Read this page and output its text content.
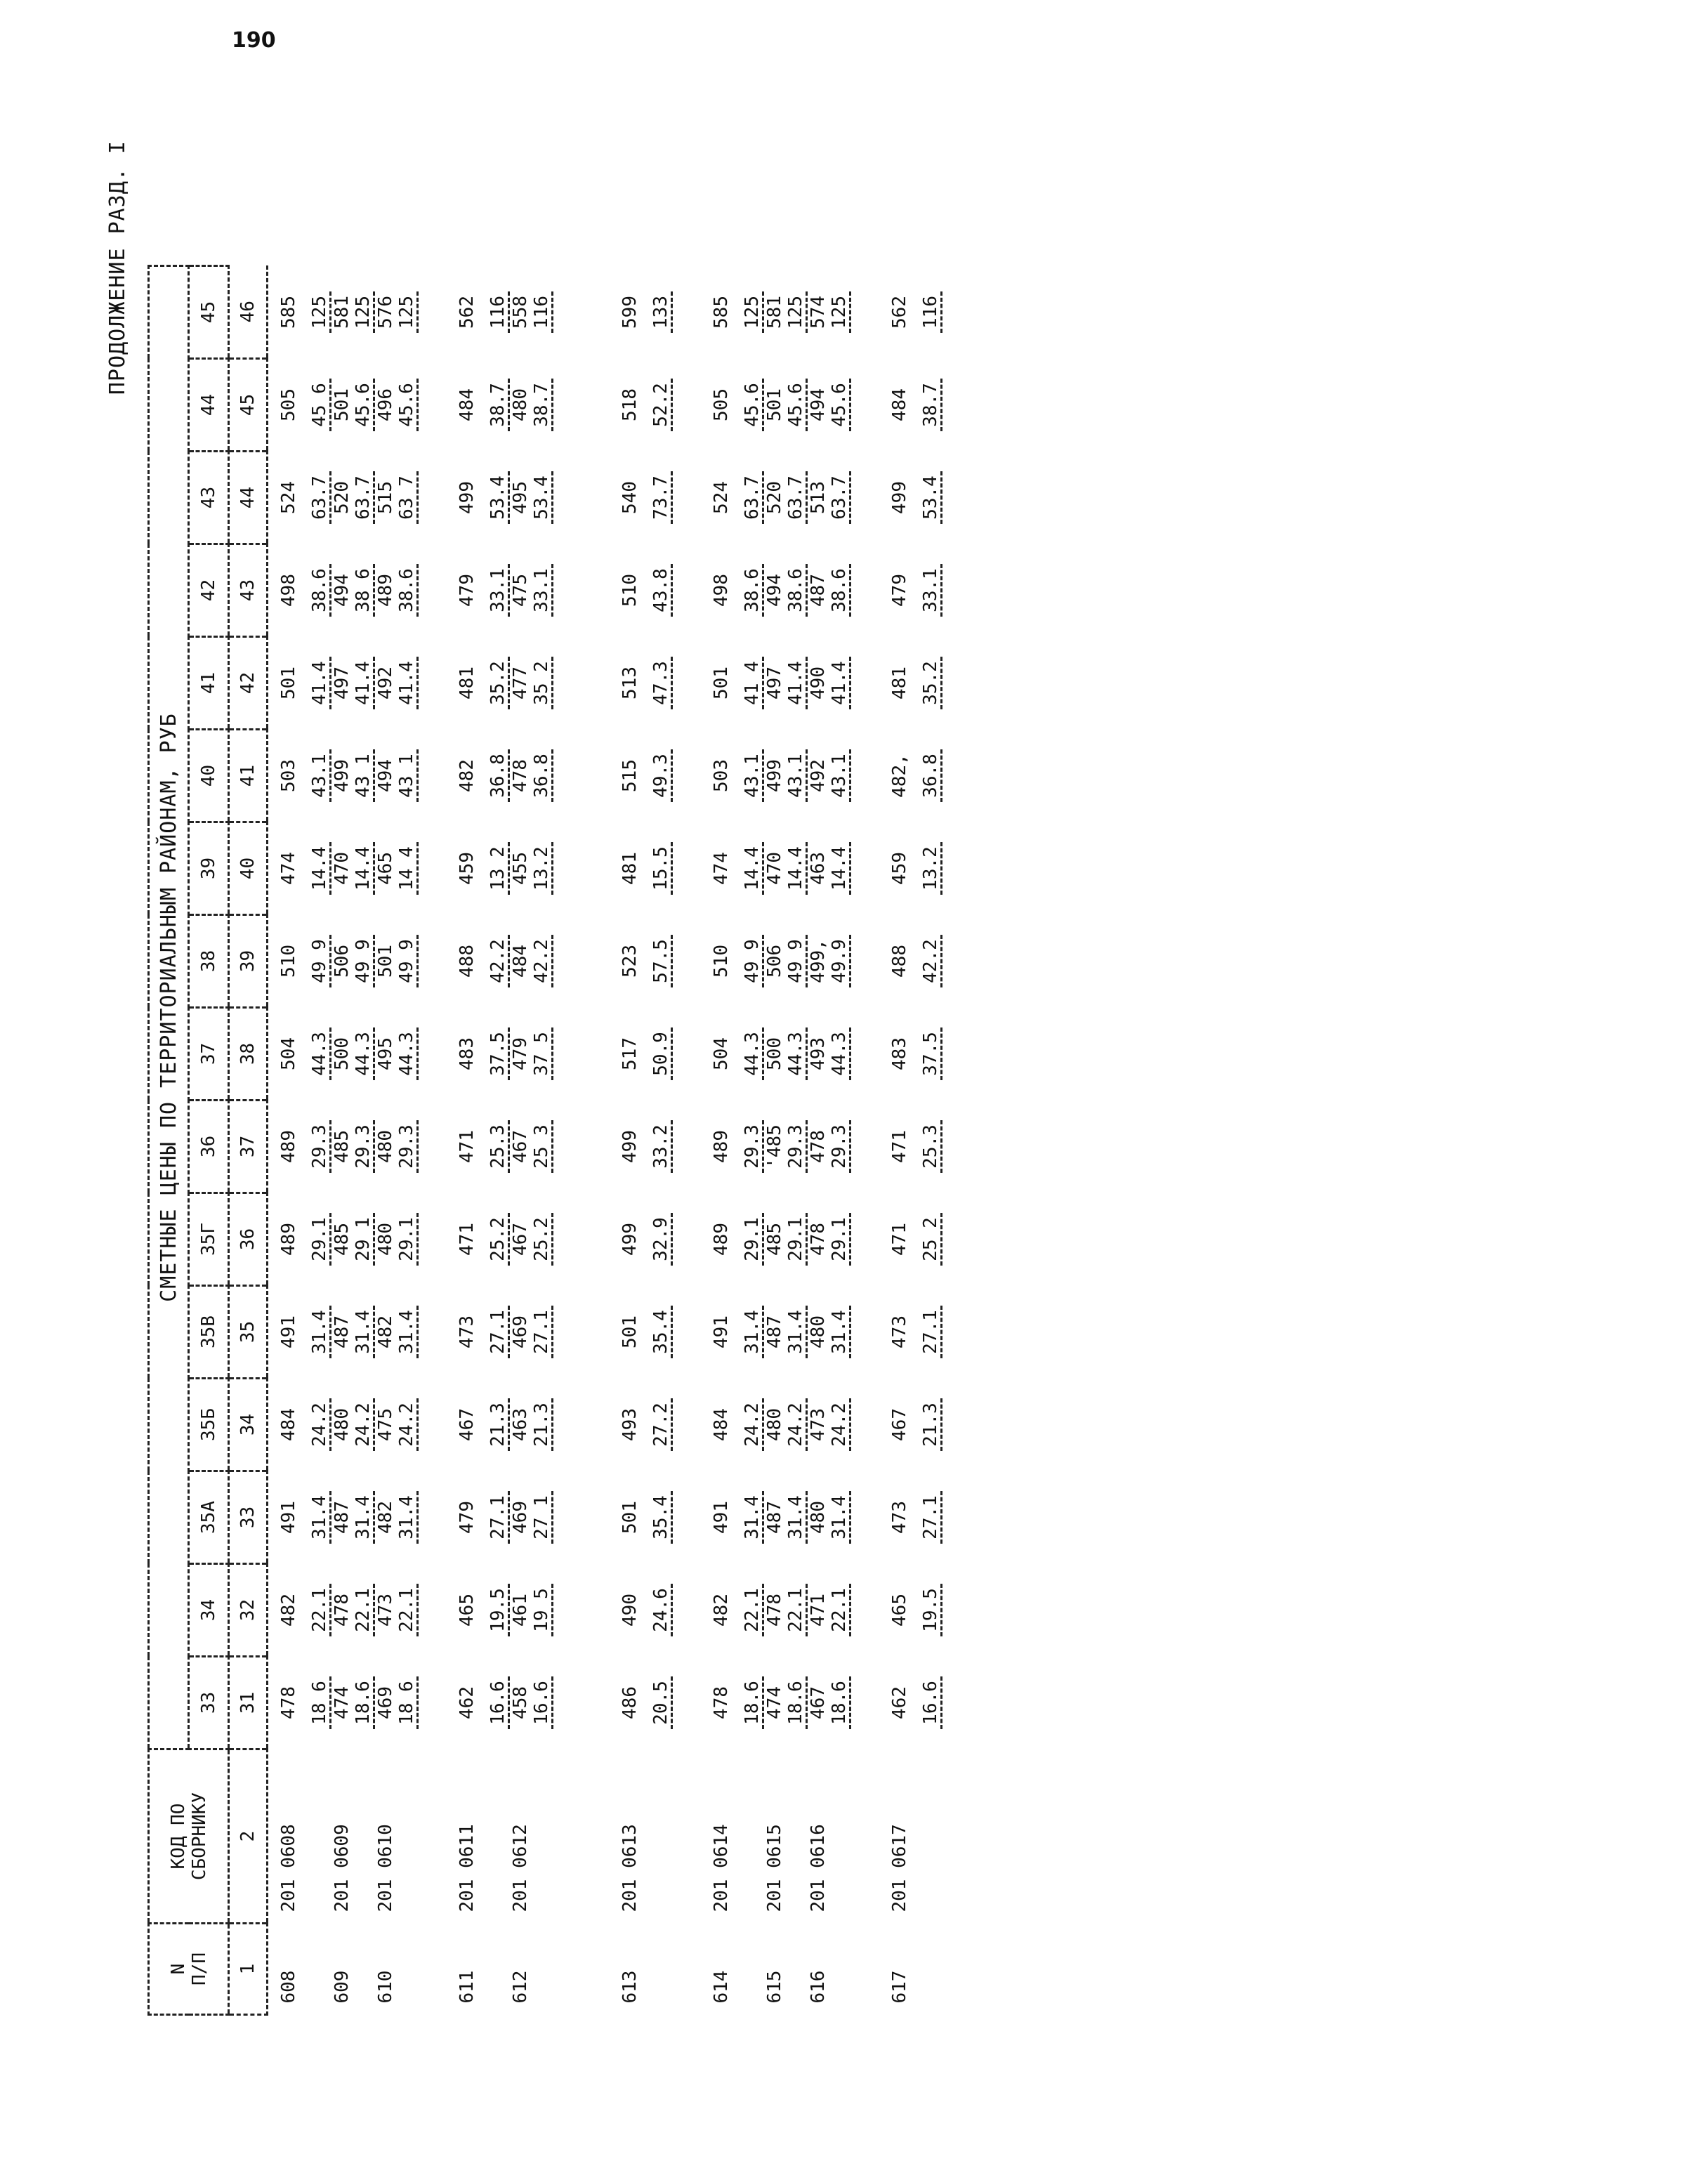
ПРОДОЛЖЕНИЕ РАЗД. I
190
N
П/П	КОД ПО
СБОРНИКУ	СМЕТНЫЕ ЦЕНЫ ПО ТЕРРИТОРИАЛЬНЫМ РАЙОНАМ, РУБ															
		33	34	35А	35Б	35В	35Г	36	37	38	39	40	41	42	43	44	45
1	2	31	32	33	34	35	36	37	38	39	40	41	42	43	44	45	46
608	201 0608	478	482	491	484	491	489	489	504	510	474	503	501	498	524	505	585
		18 6	22.1	31.4	24.2	31.4	29.1	29.3	44.3	49 9	14.4	43.1	41.4	38.6	63.7	45 6	125
609	201 0609	474	478	487	480	487	485	485	500	506	470	499	497	494	520	501	581
		18.6	22.1	31.4	24.2	31.4	29 1	29.3	44.3	49 9	14.4	43 1	41.4	38 6	63.7	45.6	125
610	201 0610	469	473	482	475	482	480	480	495	501	465	494	492	489	515	496	576
		18 6	22.1	31.4	24.2	31.4	29.1	29.3	44.3	49 9	14 4	43 1	41.4	38.6	63 7	45.6	125

611	201 0611	462	465	479	467	473	471	471	483	488	459	482	481	479	499	484	562
		16.6	19.5	27.1	21.3	27.1	25.2	25.3	37.5	42.2	13 2	36.8	35.2	33.1	53.4	38.7	116
612	201 0612	458	461	469	463	469	467	467	479	484	455	478	477	475	495	480	558
		16.6	19 5	27 1	21.3	27.1	25.2	25 3	37 5	42.2	13.2	36.8	35 2	33.1	53.4	38.7	116

613	201 0613	486	490	501	493	501	499	499	517	523	481	515	513	510	540	518	599
		20.5	24.6	35.4	27.2	35.4	32.9	33.2	50.9	57.5	15.5	49.3	47.3	43.8	73.7	52.2	133

614	201 0614	478	482	491	484	491	489	489	504	510	474	503	501	498	524	505	585
		18.6	22.1	31.4	24.2	31.4	29.1	29.3	44.3	49 9	14.4	43.1	41 4	38.6	63.7	45.6	125
615	201 0615	474	478	487	480	487	485	'485	500	506	470	499	497	494	520	501	581
		18.6	22.1	31.4	24.2	31.4	29.1	29.3	44.3	49 9	14.4	43.1	41.4	38.6	63.7	45.6	125
616	201 0616	467	471	480	473	480	478	478	493	499,	463	492	490	487	513	494	574
		18.6	22.1	31.4	24.2	31.4	29.1	29.3	44.3	49.9	14.4	43.1	41.4	38.6	63.7	45.6	125

617	201 0617	462	465	473	467	473	471	471	483	488	459	482,	481	479	499	484	562
		16.6	19.5	27.1	21.3	27.1	25 2	25.3	37.5	42.2	13.2	36.8	35.2	33.1	53.4	38.7	116
